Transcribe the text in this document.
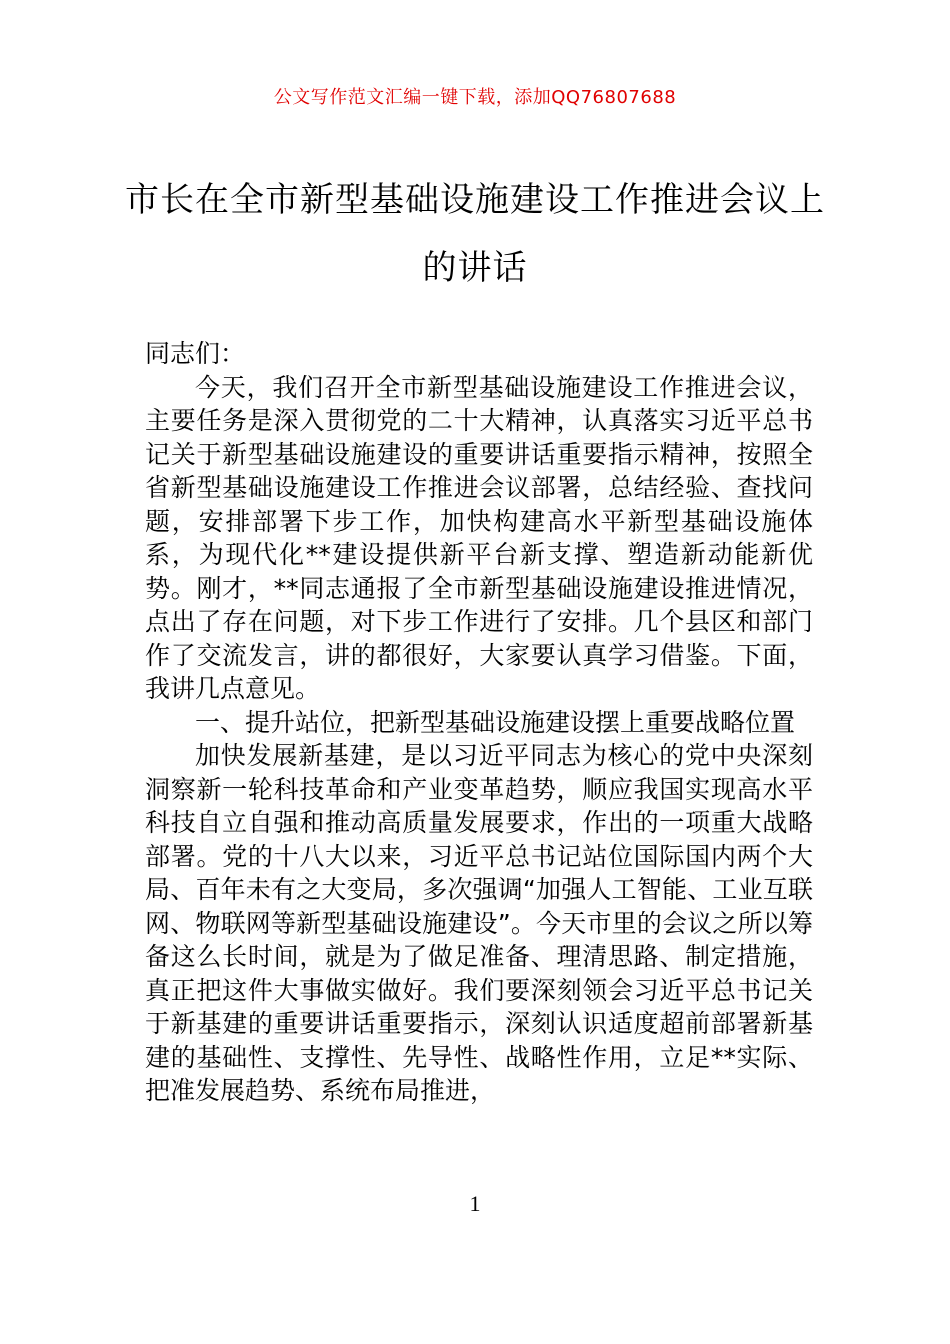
公文写作范文汇编一键下载，添加QQ76807688
市长在全市新型基础设施建设工作推进会议上的讲话

同志们：

今天，我们召开全市新型基础设施建设工作推进会议，主要任务是深入贯彻党的二十大精神，认真落实习近平总书记关于新型基础设施建设的重要讲话重要指示精神，按照全省新型基础设施建设工作推进会议部署，总结经验、查找问题，安排部署下步工作，加快构建高水平新型基础设施体系，为现代化**建设提供新平台新支撑、塑造新动能新优势。刚才，**同志通报了全市新型基础设施建设推进情况，点出了存在问题，对下步工作进行了安排。几个县区和部门作了交流发言，讲的都很好，大家要认真学习借鉴。下面，我讲几点意见。

一、提升站位，把新型基础设施建设摆上重要战略位置

加快发展新基建，是以习近平同志为核心的党中央深刻洞察新一轮科技革命和产业变革趋势，顺应我国实现高水平科技自立自强和推动高质量发展要求，作出的一项重大战略部署。党的十八大以来，习近平总书记站位国际国内两个大局、百年未有之大变局，多次强调“加强人工智能、工业互联网、物联网等新型基础设施建设”。今天市里的会议之所以筹备这么长时间，就是为了做足准备、理清思路、制定措施，真正把这件大事做实做好。我们要深刻领会习近平总书记关于新基建的重要讲话重要指示，深刻认识适度超前部署新基建的基础性、支撑性、先导性、战略性作用，立足**实际、把准发展趋势、系统布局推进，

1
